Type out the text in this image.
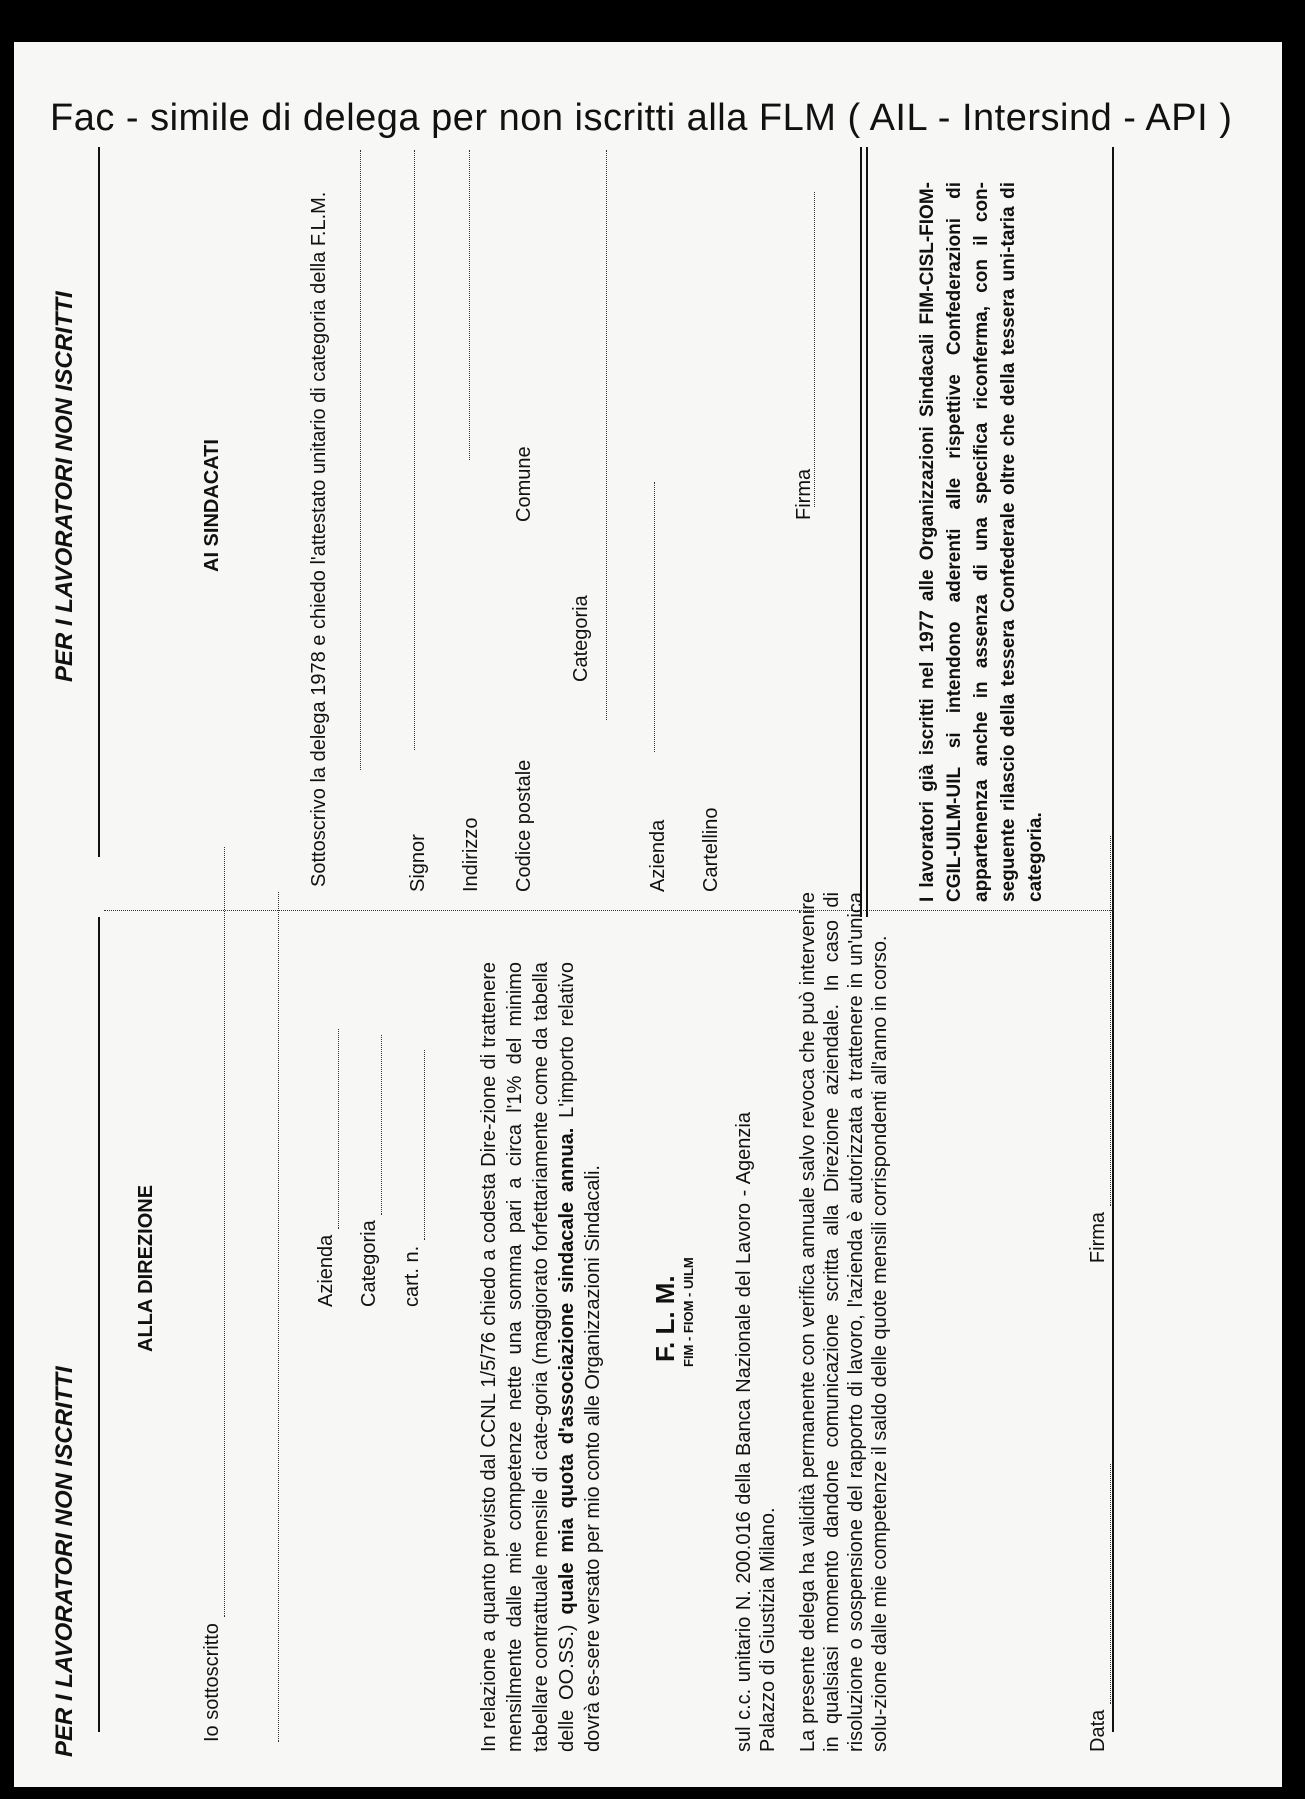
Fac - simile di delega per non iscritti alla FLM ( AIL - Intersind - API )
PER I LAVORATORI NON ISCRITTI
ALLA DIREZIONE
Io sottoscritto
Azienda Categoria cart. n.	In relazione a quanto previsto dal CCNL 1/5/76 chiedo a codesta Dire-zione di trattenere mensilmente dalle mie competenze nette una somma pari a circa l'1% del minimo tabellare contrattuale mensile di cate-goria (maggiorato forfettariamente come da tabella delle OO.SS.) quale mia quota d'associazione sindacale annua. L'importo relativo dovrà es-sere versato per mio conto alle Organizzazioni Sindacali. F. L. M. FIM - FIOM - UILM sul c.c. unitario N. 200.016 della Banca Nazionale del Lavoro - Agenzia Palazzo di Giustizia Milano. La presente delega ha validità permanente con verifica annuale salvo revoca che può intervenire in qualsiasi momento dandone comunicazione scritta alla Direzione aziendale. In caso di risoluzione o sospensione del rapporto di lavoro, l'azienda è autorizzata a trattenere in un'unica solu-zione dalle mie competenze il saldo delle quote mensili corrispondenti all'anno in corso.	Data   Firma
PER I LAVORATORI NON ISCRITTI	AI SINDACATI	Sottoscrivo la delega 1978 e chiedo l'attestato unitario di categoria della F.L.M.	Signor Indirizzo Codice postale
Comune
Categoria
Azienda Cartellino
Firma	I lavoratori già iscritti nel 1977 alle Organizzazioni Sindacali FIM-CISL-FIOM-CGIL-UILM-UIL si intendono aderenti alle rispettive Confederazioni di appartenenza anche in assenza di una specifica riconferma, con il con-seguente rilascio della tessera Confederale oltre che della tessera uni-taria di categoria.
